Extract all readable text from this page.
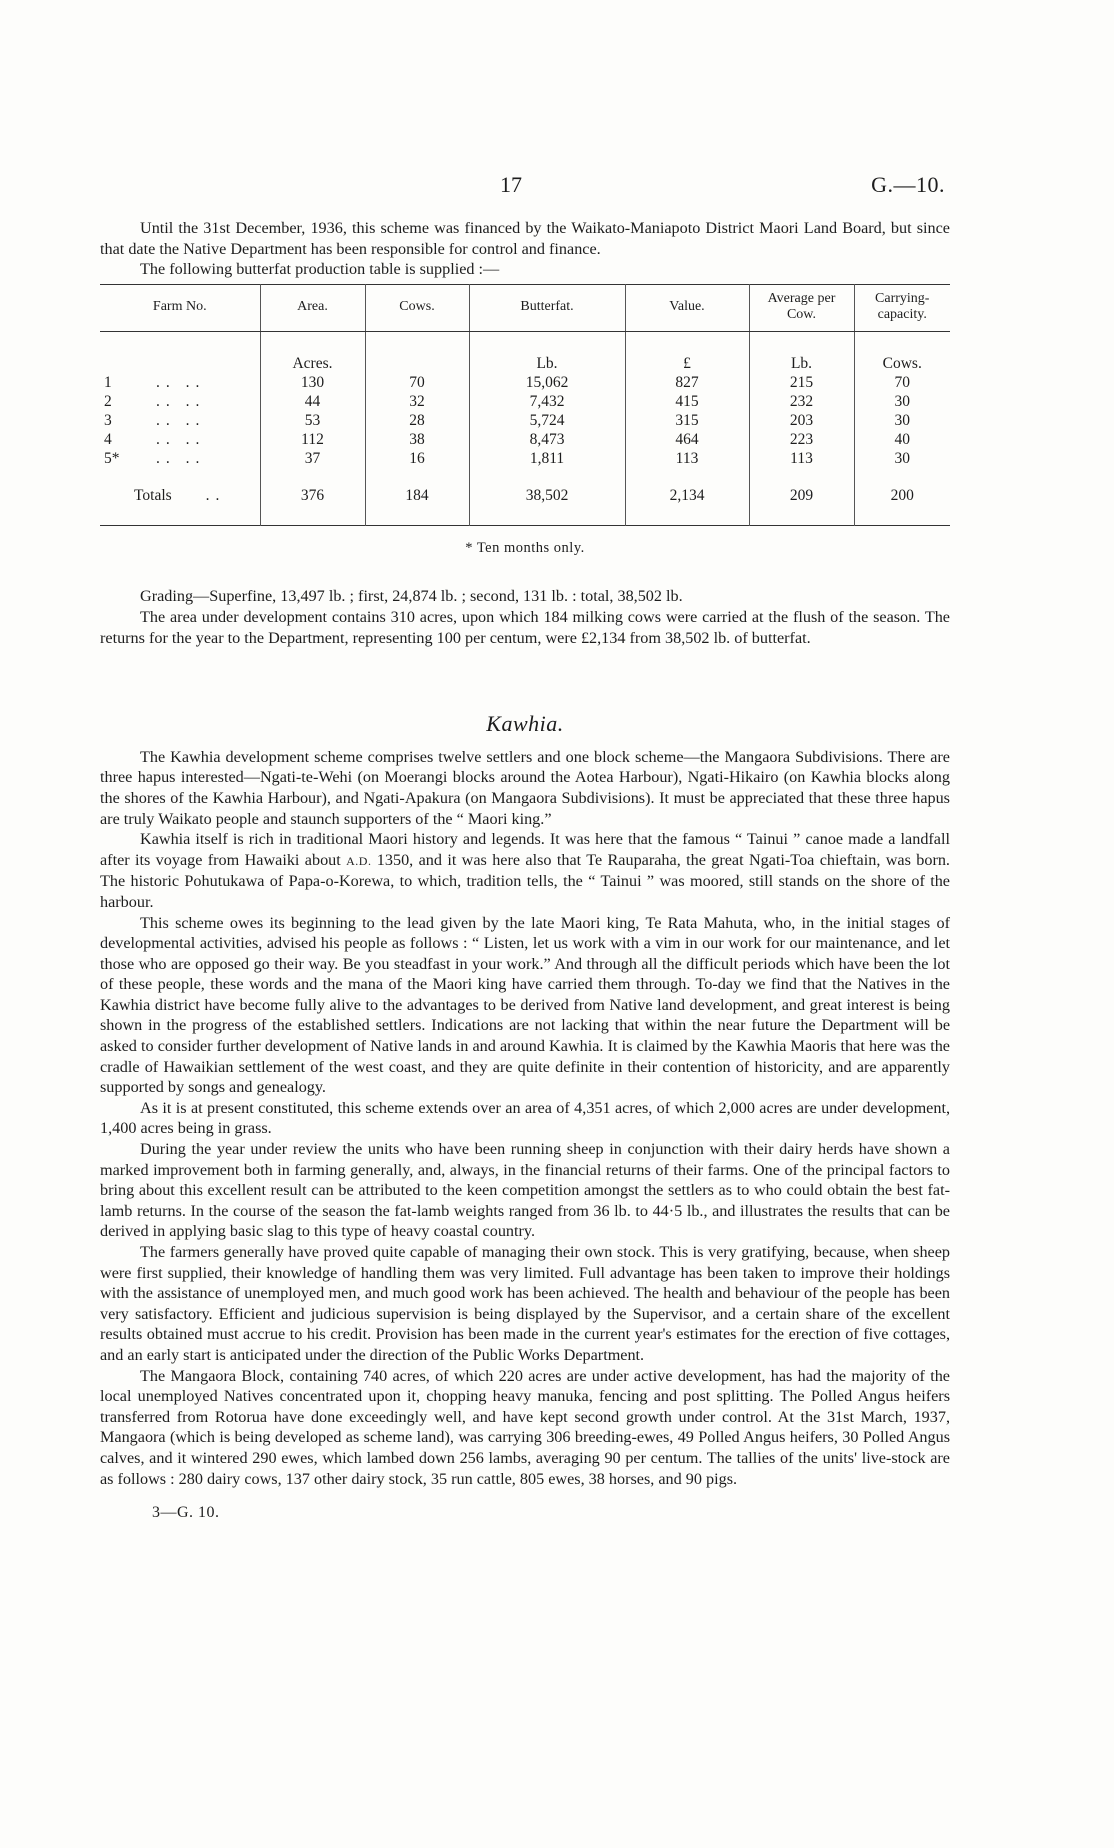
17	G.—10.

Until the 31st December, 1936, this scheme was financed by the Waikato-Maniapoto District Maori Land Board, but since that date the Native Department has been responsible for control and finance.

The following butterfat production table is supplied :—

Farm No.	Area.	Cows.	Butterfat.	Value.	Average per Cow.	Carrying-capacity.
	Acres.		Lb.	£	Lb.	Cows.
1 .. ..	130	70	15,062	827	215	70
2 .. ..	44	32	7,432	415	232	30
3 .. ..	53	28	5,724	315	203	30
4 .. ..	112	38	8,473	464	223	40
5* .. ..	37	16	1,811	113	113	30
Totals ..	376	184	38,502	2,134	209	200
* Ten months only.

Grading—Superfine, 13,497 lb. ; first, 24,874 lb. ; second, 131 lb. : total, 38,502 lb.

The area under development contains 310 acres, upon which 184 milking cows were carried at the flush of the season. The returns for the year to the Department, representing 100 per centum, were £2,134 from 38,502 lb. of butterfat.

Kawhia.

The Kawhia development scheme comprises twelve settlers and one block scheme—the Mangaora Subdivisions. There are three hapus interested—Ngati-te-Wehi (on Moerangi blocks around the Aotea Harbour), Ngati-Hikairo (on Kawhia blocks along the shores of the Kawhia Harbour), and Ngati-Apakura (on Mangaora Subdivisions). It must be appreciated that these three hapus are truly Waikato people and staunch supporters of the “ Maori king.”

Kawhia itself is rich in traditional Maori history and legends. It was here that the famous “ Tainui ” canoe made a landfall after its voyage from Hawaiki about A.D. 1350, and it was here also that Te Rauparaha, the great Ngati-Toa chieftain, was born. The historic Pohutukawa of Papa-o-Korewa, to which, tradition tells, the “ Tainui ” was moored, still stands on the shore of the harbour.

This scheme owes its beginning to the lead given by the late Maori king, Te Rata Mahuta, who, in the initial stages of developmental activities, advised his people as follows : “ Listen, let us work with a vim in our work for our maintenance, and let those who are opposed go their way. Be you steadfast in your work.” And through all the difficult periods which have been the lot of these people, these words and the mana of the Maori king have carried them through. To-day we find that the Natives in the Kawhia district have become fully alive to the advantages to be derived from Native land development, and great interest is being shown in the progress of the established settlers. Indications are not lacking that within the near future the Department will be asked to consider further development of Native lands in and around Kawhia. It is claimed by the Kawhia Maoris that here was the cradle of Hawaikian settlement of the west coast, and they are quite definite in their contention of historicity, and are apparently supported by songs and genealogy.

As it is at present constituted, this scheme extends over an area of 4,351 acres, of which 2,000 acres are under development, 1,400 acres being in grass.

During the year under review the units who have been running sheep in conjunction with their dairy herds have shown a marked improvement both in farming generally, and, always, in the financial returns of their farms. One of the principal factors to bring about this excellent result can be attributed to the keen competition amongst the settlers as to who could obtain the best fat-lamb returns. In the course of the season the fat-lamb weights ranged from 36 lb. to 44·5 lb., and illustrates the results that can be derived in applying basic slag to this type of heavy coastal country.

The farmers generally have proved quite capable of managing their own stock. This is very gratifying, because, when sheep were first supplied, their knowledge of handling them was very limited. Full advantage has been taken to improve their holdings with the assistance of unemployed men, and much good work has been achieved. The health and behaviour of the people has been very satisfactory. Efficient and judicious supervision is being displayed by the Supervisor, and a certain share of the excellent results obtained must accrue to his credit. Provision has been made in the current year's estimates for the erection of five cottages, and an early start is anticipated under the direction of the Public Works Department.

The Mangaora Block, containing 740 acres, of which 220 acres are under active development, has had the majority of the local unemployed Natives concentrated upon it, chopping heavy manuka, fencing and post splitting. The Polled Angus heifers transferred from Rotorua have done exceedingly well, and have kept second growth under control. At the 31st March, 1937, Mangaora (which is being developed as scheme land), was carrying 306 breeding-ewes, 49 Polled Angus heifers, 30 Polled Angus calves, and it wintered 290 ewes, which lambed down 256 lambs, averaging 90 per centum. The tallies of the units' live-stock are as follows : 280 dairy cows, 137 other dairy stock, 35 run cattle, 805 ewes, 38 horses, and 90 pigs.

3—G. 10.
